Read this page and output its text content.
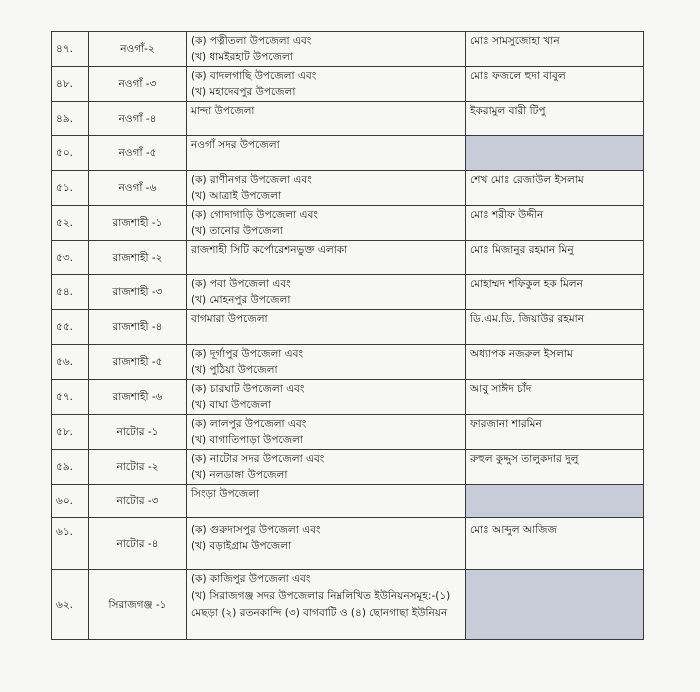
৪৭.	নওগাঁ-২	(ক) পত্নীতলা উপজেলা এবং
(খ) ধামইরহাট উপজেলা	মোঃ সামসুজোহা খান
৪৮.	নওগাঁ -৩	(ক) বাদলগাছি উপজেলা এবং
(খ) মহাদেবপুর উপজেলা	মোঃ ফজলে হুদা বাবুল
৪৯.	নওগাঁ -৪	মান্দা উপজেলা	ইকরামুল বারী টিপু
৫০.	নওগাঁ -৫	নওগাঁ সদর উপজেলা	

৫১.	নওগাঁ -৬	(ক) রাণীনগর উপজেলা এবং
(খ) আত্রাই উপজেলা	শেখ মোঃ রেজাউল ইসলাম
৫২.	রাজশাহী -১	(ক) গোদাগাড়ি উপজেলা এবং
(খ) তানোর উপজেলা	মোঃ শরীফ উদ্দীন
৫৩.	রাজশাহী -২	রাজশাহী সিটি কর্পোরেশনভুক্ত এলাকা	মোঃ মিজানুর রহমান মিনু
৫৪.	রাজশাহী -৩	(ক) পবা উপজেলা এবং
(খ) মোহনপুর উপজেলা	মোহাম্মদ শফিকুল হক মিলন
৫৫.	রাজশাহী -৪	বাগমারা উপজেলা	ডি.এম.ডি. জিয়াউর রহমান
৫৬.	রাজশাহী -৫	(ক) দূর্গাপুর উপজেলা এবং
(খ) পুঠিয়া উপজেলা	অধ্যাপক নজরুল ইসলাম
৫৭.	রাজশাহী -৬	(ক) চারঘাট উপজেলা এবং
(খ) বাঘা উপজেলা	আবু সাঈদ চাঁদ
৫৮.	নাটোর -১	(ক) লালপুর উপজেলা এবং
(খ) বাগাতিপাড়া উপজেলা	ফারজানা শারমিন
৫৯.	নাটোর -২	(ক) নাটোর সদর উপজেলা এবং
(খ) নলডাঙ্গা উপজেলা	রুহুল কুদ্দুস তালুকদার দুলু
৬০.	নাটোর -৩	সিংড়া উপজেলা	

৬১.	নাটোর -৪	(ক) গুরুদাসপুর উপজেলা এবং
(খ) বড়াইগ্রাম উপজেলা	মোঃ আব্দুল আজিজ
৬২.	সিরাজগঞ্জ -১	(ক) কাজিপুর উপজেলা এবং
(খ) সিরাজগঞ্জ সদর উপজেলার নিম্নলিখিত ইউনিয়নসমূহ:-(১) মেছড়া (২) রতনকান্দি (৩) বাগবাটি ও (৪) ছোনগাছা ইউনিয়ন	
